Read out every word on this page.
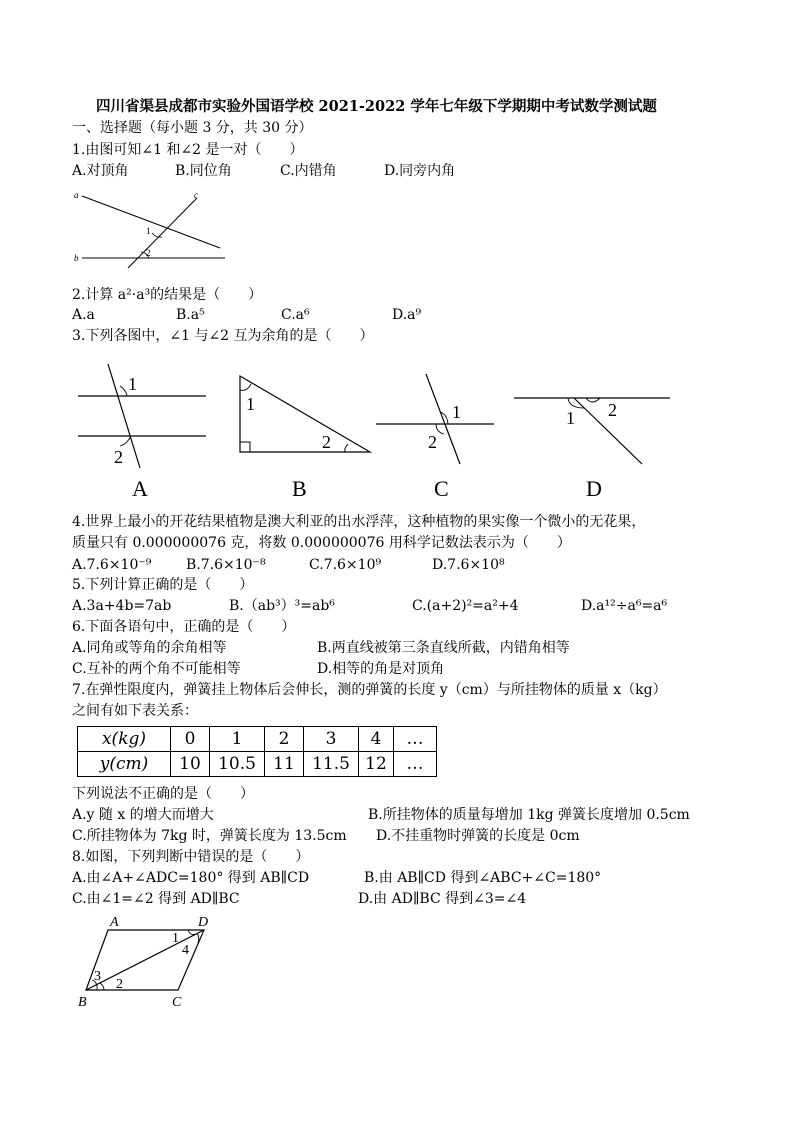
四川省渠县成都市实验外国语学校 2021-2022 学年七年级下学期期中考试数学测试题
一、选择题（每小题 3 分，共 30 分）
1.由图可知∠1 和∠2 是一对（　　）
A.对顶角	B.同位角	C.内错角	D.同旁内角
a	c
1
b	2
2.计算 a²·a³的结果是（　　）
A.a	B.a⁵	C.a⁶	D.a⁹
3.下列各图中，∠1 与∠2 互为余角的是（　　）
1
2
A
1
2
B
1
2
C
1 2
D
4.世界上最小的开花结果植物是澳大利亚的出水浮萍，这种植物的果实像一个微小的无花果，
质量只有 0.000000076 克，将数 0.000000076 用科学记数法表示为（　　）
A.7.6×10⁻⁹ B.7.6×10⁻⁸	C.7.6×10⁹	D.7.6×10⁸
5.下列计算正确的是（　　）
A.3a+4b=7ab	B.（ab³）³=ab⁶	C.(a+2)²=a²+4	D.a¹²÷a⁶=a⁶
6.下面各语句中，正确的是（　　）
A.同角或等角的余角相等	B.两直线被第三条直线所截，内错角相等
C.互补的两个角不可能相等	D.相等的角是对顶角
7.在弹性限度内，弹簧挂上物体后会伸长，测的弹簧的长度 y（cm）与所挂物体的质量 x（kg）
之间有如下表关系：
x(kg)	0	1	2	3	4	…
y(cm)	10	10.5	11	11.5	12	…
下列说法不正确的是（　　）
A.y 随 x 的增大而增大	B.所挂物体的质量每增加 1kg 弹簧长度增加 0.5cm
C.所挂物体为 7kg 时，弹簧长度为 13.5cm D.不挂重物时弹簧的长度是 0cm
8.如图，下列判断中错误的是（　　）
A.由∠A+∠ADC=180° 得到 AB∥CD	B.由 AB∥CD 得到∠ABC+∠C=180°
C.由∠1=∠2 得到 AD∥BC	D.由 AD∥BC 得到∠3=∠4
A	D
1
4
3
2
B	C
